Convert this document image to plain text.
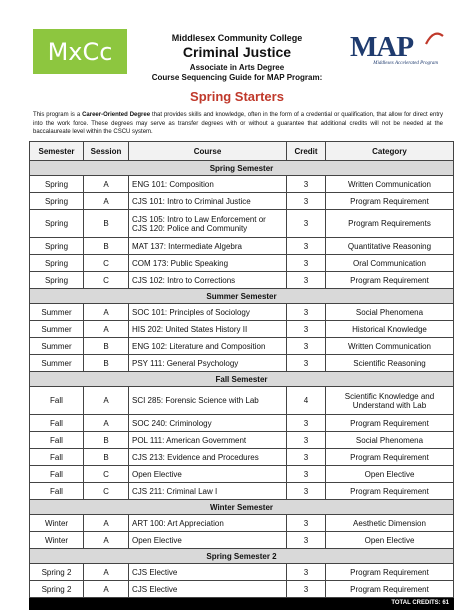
MxCc	Middlesex Community College
Criminal Justice
Associate in Arts Degree
Course Sequencing Guide for MAP Program:
Spring Starters
MAP
Middlesex Accelerated Program
This program is a Career-Oriented Degree that provides skills and knowledge, often in the form of a credential or qualification, that allow for direct entry into the work force. These degrees may serve as transfer degrees with or without a guarantee that additional credits will not be needed at the baccalaureate level within the CSCU system.
Semester	Session	Course	Credit	Category
Spring Semester				
Spring	A	ENG 101: Composition	3	Written Communication
Spring	A	CJS 101: Intro to Criminal Justice	3	Program Requirement
Spring	B	CJS 105: Intro to Law Enforcement or CJS 120: Police and Community	3	Program Requirements
Spring	B	MAT 137: Intermediate Algebra	3	Quantitative Reasoning
Spring	C	COM 173: Public Speaking	3	Oral Communication
Spring	C	CJS 102: Intro to Corrections	3	Program Requirement
Summer Semester				
Summer	A	SOC 101: Principles of Sociology	3	Social Phenomena
Summer	A	HIS 202: United States History II	3	Historical Knowledge
Summer	B	ENG 102: Literature and Composition	3	Written Communication
Summer	B	PSY 111: General Psychology	3	Scientific Reasoning
Fall Semester				
Fall	A	SCI 285: Forensic Science with Lab	4	Scientific Knowledge and Understand with Lab
Fall	A	SOC 240: Criminology	3	Program Requirement
Fall	B	POL 111: American Government	3	Social Phenomena
Fall	B	CJS 213: Evidence and Procedures	3	Program Requirement
Fall	C	Open Elective	3	Open Elective
Fall	C	CJS 211: Criminal Law I	3	Program Requirement
Winter Semester				
Winter	A	ART 100: Art Appreciation	3	Aesthetic Dimension
Winter	A	Open Elective	3	Open Elective
Spring Semester 2				
Spring 2	A	CJS Elective	3	Program Requirement
Spring 2	A	CJS Elective	3	Program Requirement
TOTAL CREDITS: 61				
